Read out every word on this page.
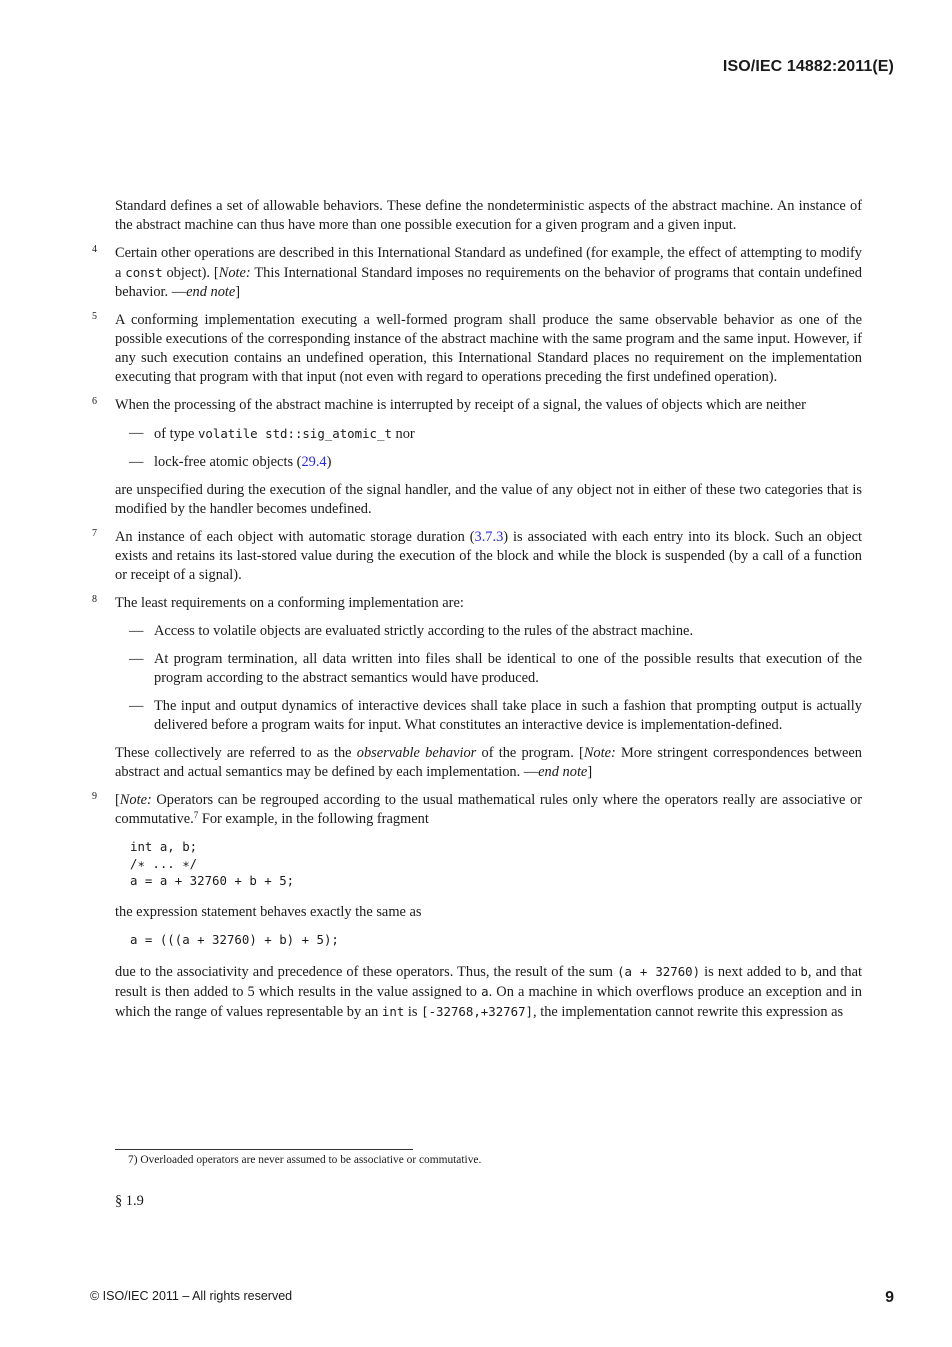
ISO/IEC 14882:2011(E)

Standard defines a set of allowable behaviors. These define the nondeterministic aspects of the abstract machine. An instance of the abstract machine can thus have more than one possible execution for a given program and a given input.

4 Certain other operations are described in this International Standard as undefined (for example, the effect of attempting to modify a const object). [Note: This International Standard imposes no requirements on the behavior of programs that contain undefined behavior. —end note]
5 A conforming implementation executing a well-formed program shall produce the same observable behavior as one of the possible executions of the corresponding instance of the abstract machine with the same program and the same input. However, if any such execution contains an undefined operation, this International Standard places no requirement on the implementation executing that program with that input (not even with regard to operations preceding the first undefined operation).
6 When the processing of the abstract machine is interrupted by receipt of a signal, the values of objects which are neither
— of type volatile std::sig_atomic_t nor
— lock-free atomic objects (29.4)

are unspecified during the execution of the signal handler, and the value of any object not in either of these two categories that is modified by the handler becomes undefined.

7 An instance of each object with automatic storage duration (3.7.3) is associated with each entry into its block. Such an object exists and retains its last-stored value during the execution of the block and while the block is suspended (by a call of a function or receipt of a signal).
8 The least requirements on a conforming implementation are:
— Access to volatile objects are evaluated strictly according to the rules of the abstract machine.
— At program termination, all data written into files shall be identical to one of the possible results that execution of the program according to the abstract semantics would have produced.
— The input and output dynamics of interactive devices shall take place in such a fashion that prompting output is actually delivered before a program waits for input. What constitutes an interactive device is implementation-defined.
These collectively are referred to as the observable behavior of the program. [Note: More stringent correspondences between abstract and actual semantics may be defined by each implementation. —end note]
9 [Note: Operators can be regrouped according to the usual mathematical rules only where the operators really are associative or commutative.$^7$ For example, in the following fragment
int a, b;
/∗ ... ∗/
a = a + 32760 + b + 5;

the expression statement behaves exactly the same as

a = (((a + 32760) + b) + 5);
due to the associativity and precedence of these operators. Thus, the result of the sum (a + 32760) is next added to b, and that result is then added to 5 which results in the value assigned to a. On a machine in which overflows produce an exception and in which the range of values representable by an int is [-32768,+32767], the implementation cannot rewrite this expression as
7) Overloaded operators are never assumed to be associative or commutative.
§ 1.9
© ISO/IEC 2011 – All rights reserved	9
